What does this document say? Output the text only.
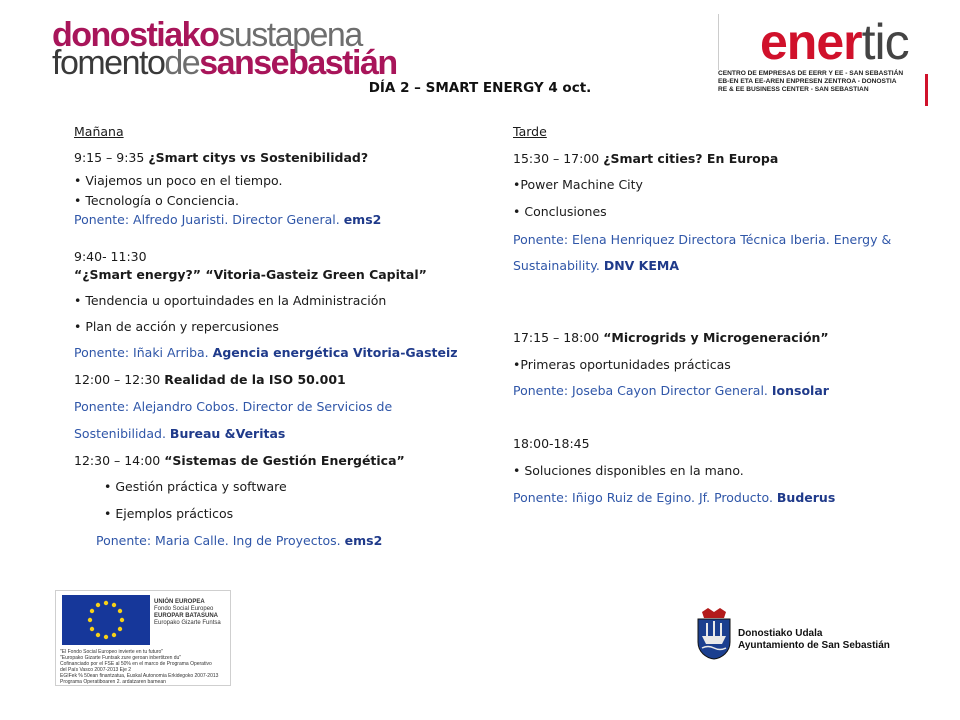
donostiakosustapena
fomentodesansebastián	enertic
CENTRO DE EMPRESAS DE EERR Y EE - SAN SEBASTIÁN
EB-EN ETA EE-AREN ENPRESEN ZENTROA - DONOSTIA
RE & EE BUSINESS CENTER - SAN SEBASTIAN
DÍA 2 – SMART ENERGY 4 oct.
Mañana
9:15 – 9:35 ¿Smart citys vs Sostenibilidad?
• Viajemos un poco en el tiempo.
• Tecnología o Conciencia.
Ponente: Alfredo Juaristi. Director General. ems2
9:40- 11:30
“¿Smart energy?” “Vitoria-Gasteiz Green Capital”
• Tendencia u oportuindades en la Administración
• Plan de acción y repercusiones
Ponente: Iñaki Arriba. Agencia energética Vitoria-Gasteiz
12:00 – 12:30 Realidad de la ISO 50.001
Ponente: Alejandro Cobos. Director de Servicios de
Sostenibilidad. Bureau &Veritas
12:30 – 14:00 “Sistemas de Gestión Energética”
• Gestión práctica y software
• Ejemplos prácticos
Ponente: Maria Calle. Ing de Proyectos. ems2
Tarde
15:30 – 17:00 ¿Smart cities? En Europa
•Power Machine City
• Conclusiones
Ponente: Elena Henriquez Directora Técnica Iberia. Energy &
Sustainability. DNV KEMA
17:15 – 18:00 “Microgrids y Microgeneración”
•Primeras oportunidades prácticas
Ponente: Joseba Cayon Director General. Ionsolar
18:00-18:45
• Soluciones disponibles en la mano.
Ponente: Iñigo Ruiz de Egino. Jf. Producto. Buderus
UNIÓN EUROPEA
Fondo Social Europeo
EUROPAR BATASUNA
Europako Gizarte Funtsa
"El Fondo Social Europeo invierte en tu futuro"
"Europako Gizarte Funtsak zure geroan inbertitzen du"
Cofinanciado por el FSE al 50% en el marco de Programa Operativo
del País Vasco 2007-2013 Eje 2
EGIFek % 50ean finantzatua, Euskal Autonomia Erkidegoko 2007-2013
Programa Operatiboaren 2. ardatzaren barnean
Donostiako Udala
Ayuntamiento de San Sebastián
